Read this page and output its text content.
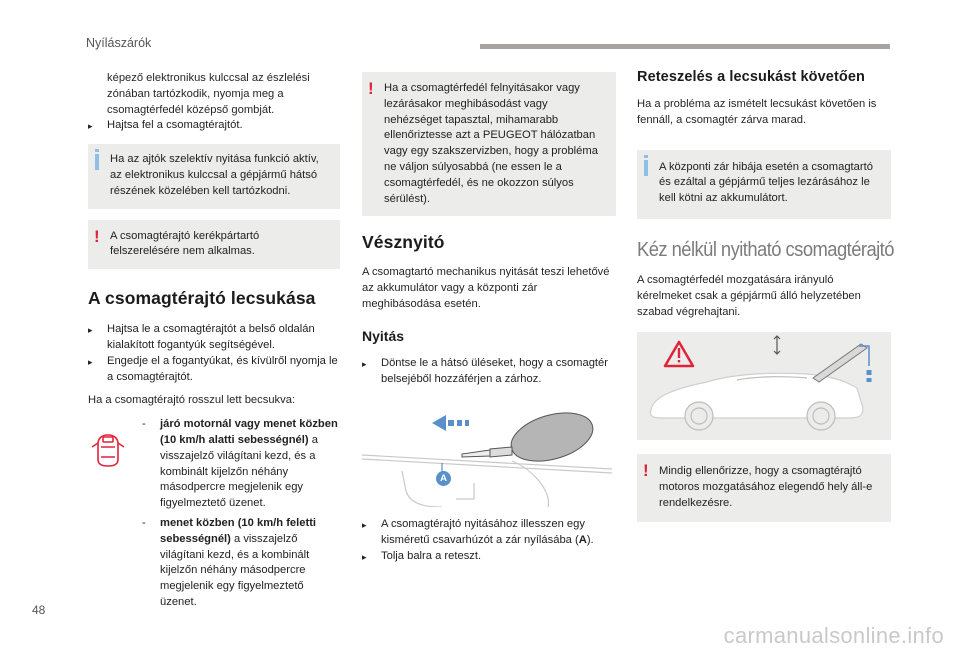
Nyílászárók
képező elektronikus kulccsal az észlelési zónában tartózkodik, nyomja meg a csomagtérfedél középső gombját.
▸	Hajtsa fel a csomagtérajtót.
Ha az ajtók szelektív nyitása funkció aktív, az elektronikus kulccsal a gépjármű hátsó részének közelében kell tartózkodni.
! A csomagtérajtó kerékpártartó felszerelésére nem alkalmas.
A csomagtérajtó lecsukása
▸	Hajtsa le a csomagtérajtót a belső oldalán kialakított fogantyúk segítségével.
▸	Engedje el a fogantyúkat, és kívülről nyomja le a csomagtérajtót.
Ha a csomagtérajtó rosszul lett becsukva:
-	járó motornál vagy menet közben (10 km/h alatti sebességnél) a visszajelző világítani kezd, és a kombinált kijelzőn néhány másodpercre megjelenik egy figyelmeztető üzenet.
-	menet közben (10 km/h feletti sebességnél) a visszajelző világítani kezd, és a kombinált kijelzőn néhány másodpercre megjelenik egy figyelmeztető üzenet.
! Ha a csomagtérfedél felnyitásakor vagy lezárásakor meghibásodást vagy nehézséget tapasztal, mihamarabb ellenőriztesse azt a PEUGEOT hálózatban vagy egy szakszervizben, hogy a probléma ne váljon súlyosabbá (ne essen le a csomagtérfedél, és ne okozzon súlyos sérülést).
Vésznyitó
A csomagtartó mechanikus nyitását teszi lehetővé az akkumulátor vagy a központi zár meghibásodása esetén.
Nyitás
▸	Döntse le a hátsó üléseket, hogy a csomagtér belsejéből hozzáférjen a zárhoz.
A
▸	A csomagtérajtó nyitásához illesszen egy kisméretű csavarhúzót a zár nyílásába (A).
▸	Tolja balra a reteszt.
Reteszelés a lecsukást követően
Ha a probléma az ismételt lecsukást követően is fennáll, a csomagtér zárva marad.
A központi zár hibája esetén a csomagtartó és ezáltal a gépjármű teljes lezárásához le kell kötni az akkumulátort.
Kéz nélkül nyitható csomagtérajtó
A csomagtérfedél mozgatására irányuló kérelmeket csak a gépjármű álló helyzetében szabad végrehajtani.
! Mindig ellenőrizze, hogy a csomagtérajtó motoros mozgatásához elegendő hely áll-e rendelkezésre.
48
carmanualsonline.info
